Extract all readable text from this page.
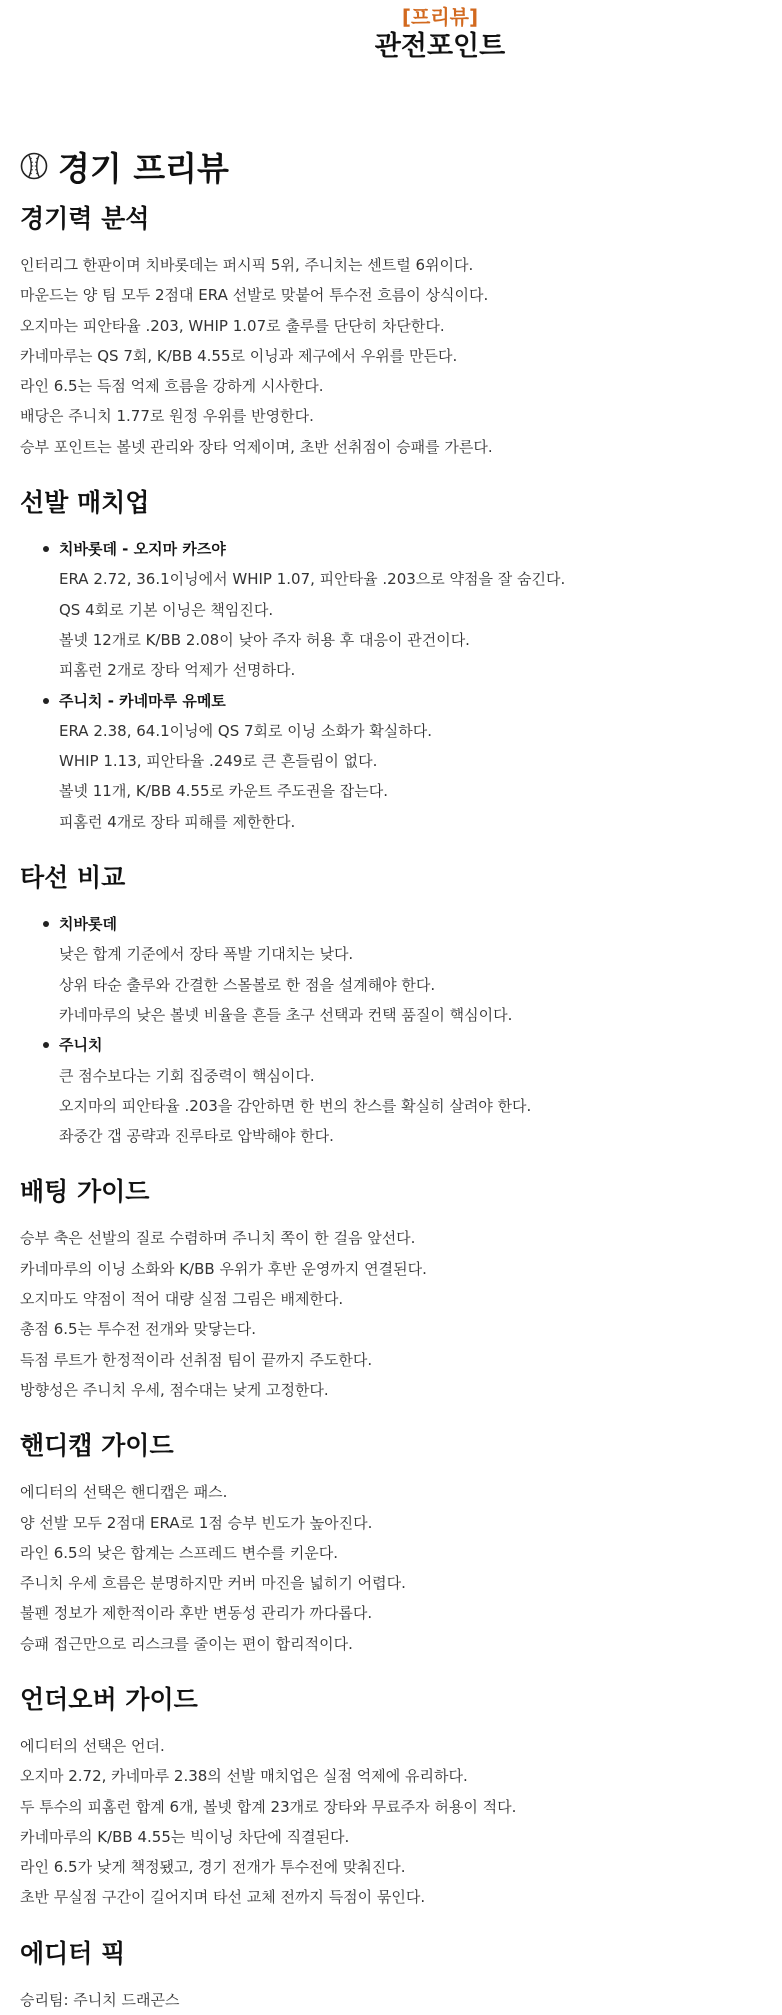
[프리뷰]
관전포인트
경기 프리뷰
경기력 분석
인터리그 한판이며 치바롯데는 퍼시픽 5위, 주니치는 센트럴 6위이다.
마운드는 양 팀 모두 2점대 ERA 선발로 맞붙어 투수전 흐름이 상식이다.
오지마는 피안타율 .203, WHIP 1.07로 출루를 단단히 차단한다.
카네마루는 QS 7회, K/BB 4.55로 이닝과 제구에서 우위를 만든다.
라인 6.5는 득점 억제 흐름을 강하게 시사한다.
배당은 주니치 1.77로 원정 우위를 반영한다.
승부 포인트는 볼넷 관리와 장타 억제이며, 초반 선취점이 승패를 가른다.
선발 매치업
치바롯데 - 오지마 카즈야
ERA 2.72, 36.1이닝에서 WHIP 1.07, 피안타율 .203으로 약점을 잘 숨긴다.
QS 4회로 기본 이닝은 책임진다.
볼넷 12개로 K/BB 2.08이 낮아 주자 허용 후 대응이 관건이다.
피홈런 2개로 장타 억제가 선명하다.
주니치 - 카네마루 유메토
ERA 2.38, 64.1이닝에 QS 7회로 이닝 소화가 확실하다.
WHIP 1.13, 피안타율 .249로 큰 흔들림이 없다.
볼넷 11개, K/BB 4.55로 카운트 주도권을 잡는다.
피홈런 4개로 장타 피해를 제한한다.
타선 비교
치바롯데
낮은 합계 기준에서 장타 폭발 기대치는 낮다.
상위 타순 출루와 간결한 스몰볼로 한 점을 설계해야 한다.
카네마루의 낮은 볼넷 비율을 흔들 초구 선택과 컨택 품질이 핵심이다.
주니치
큰 점수보다는 기회 집중력이 핵심이다.
오지마의 피안타율 .203을 감안하면 한 번의 찬스를 확실히 살려야 한다.
좌중간 갭 공략과 진루타로 압박해야 한다.
배팅 가이드
승부 축은 선발의 질로 수렴하며 주니치 쪽이 한 걸음 앞선다.
카네마루의 이닝 소화와 K/BB 우위가 후반 운영까지 연결된다.
오지마도 약점이 적어 대량 실점 그림은 배제한다.
총점 6.5는 투수전 전개와 맞닿는다.
득점 루트가 한정적이라 선취점 팀이 끝까지 주도한다.
방향성은 주니치 우세, 점수대는 낮게 고정한다.
핸디캡 가이드
에디터의 선택은 핸디캡은 패스.
양 선발 모두 2점대 ERA로 1점 승부 빈도가 높아진다.
라인 6.5의 낮은 합계는 스프레드 변수를 키운다.
주니치 우세 흐름은 분명하지만 커버 마진을 넓히기 어렵다.
불펜 정보가 제한적이라 후반 변동성 관리가 까다롭다.
승패 접근만으로 리스크를 줄이는 편이 합리적이다.
언더오버 가이드
에디터의 선택은 언더.
오지마 2.72, 카네마루 2.38의 선발 매치업은 실점 억제에 유리하다.
두 투수의 피홈런 합계 6개, 볼넷 합계 23개로 장타와 무료주자 허용이 적다.
카네마루의 K/BB 4.55는 빅이닝 차단에 직결된다.
라인 6.5가 낮게 책정됐고, 경기 전개가 투수전에 맞춰진다.
초반 무실점 구간이 길어지며 타선 교체 전까지 득점이 묶인다.
에디터 픽
승리팀: 주니치 드래곤스
